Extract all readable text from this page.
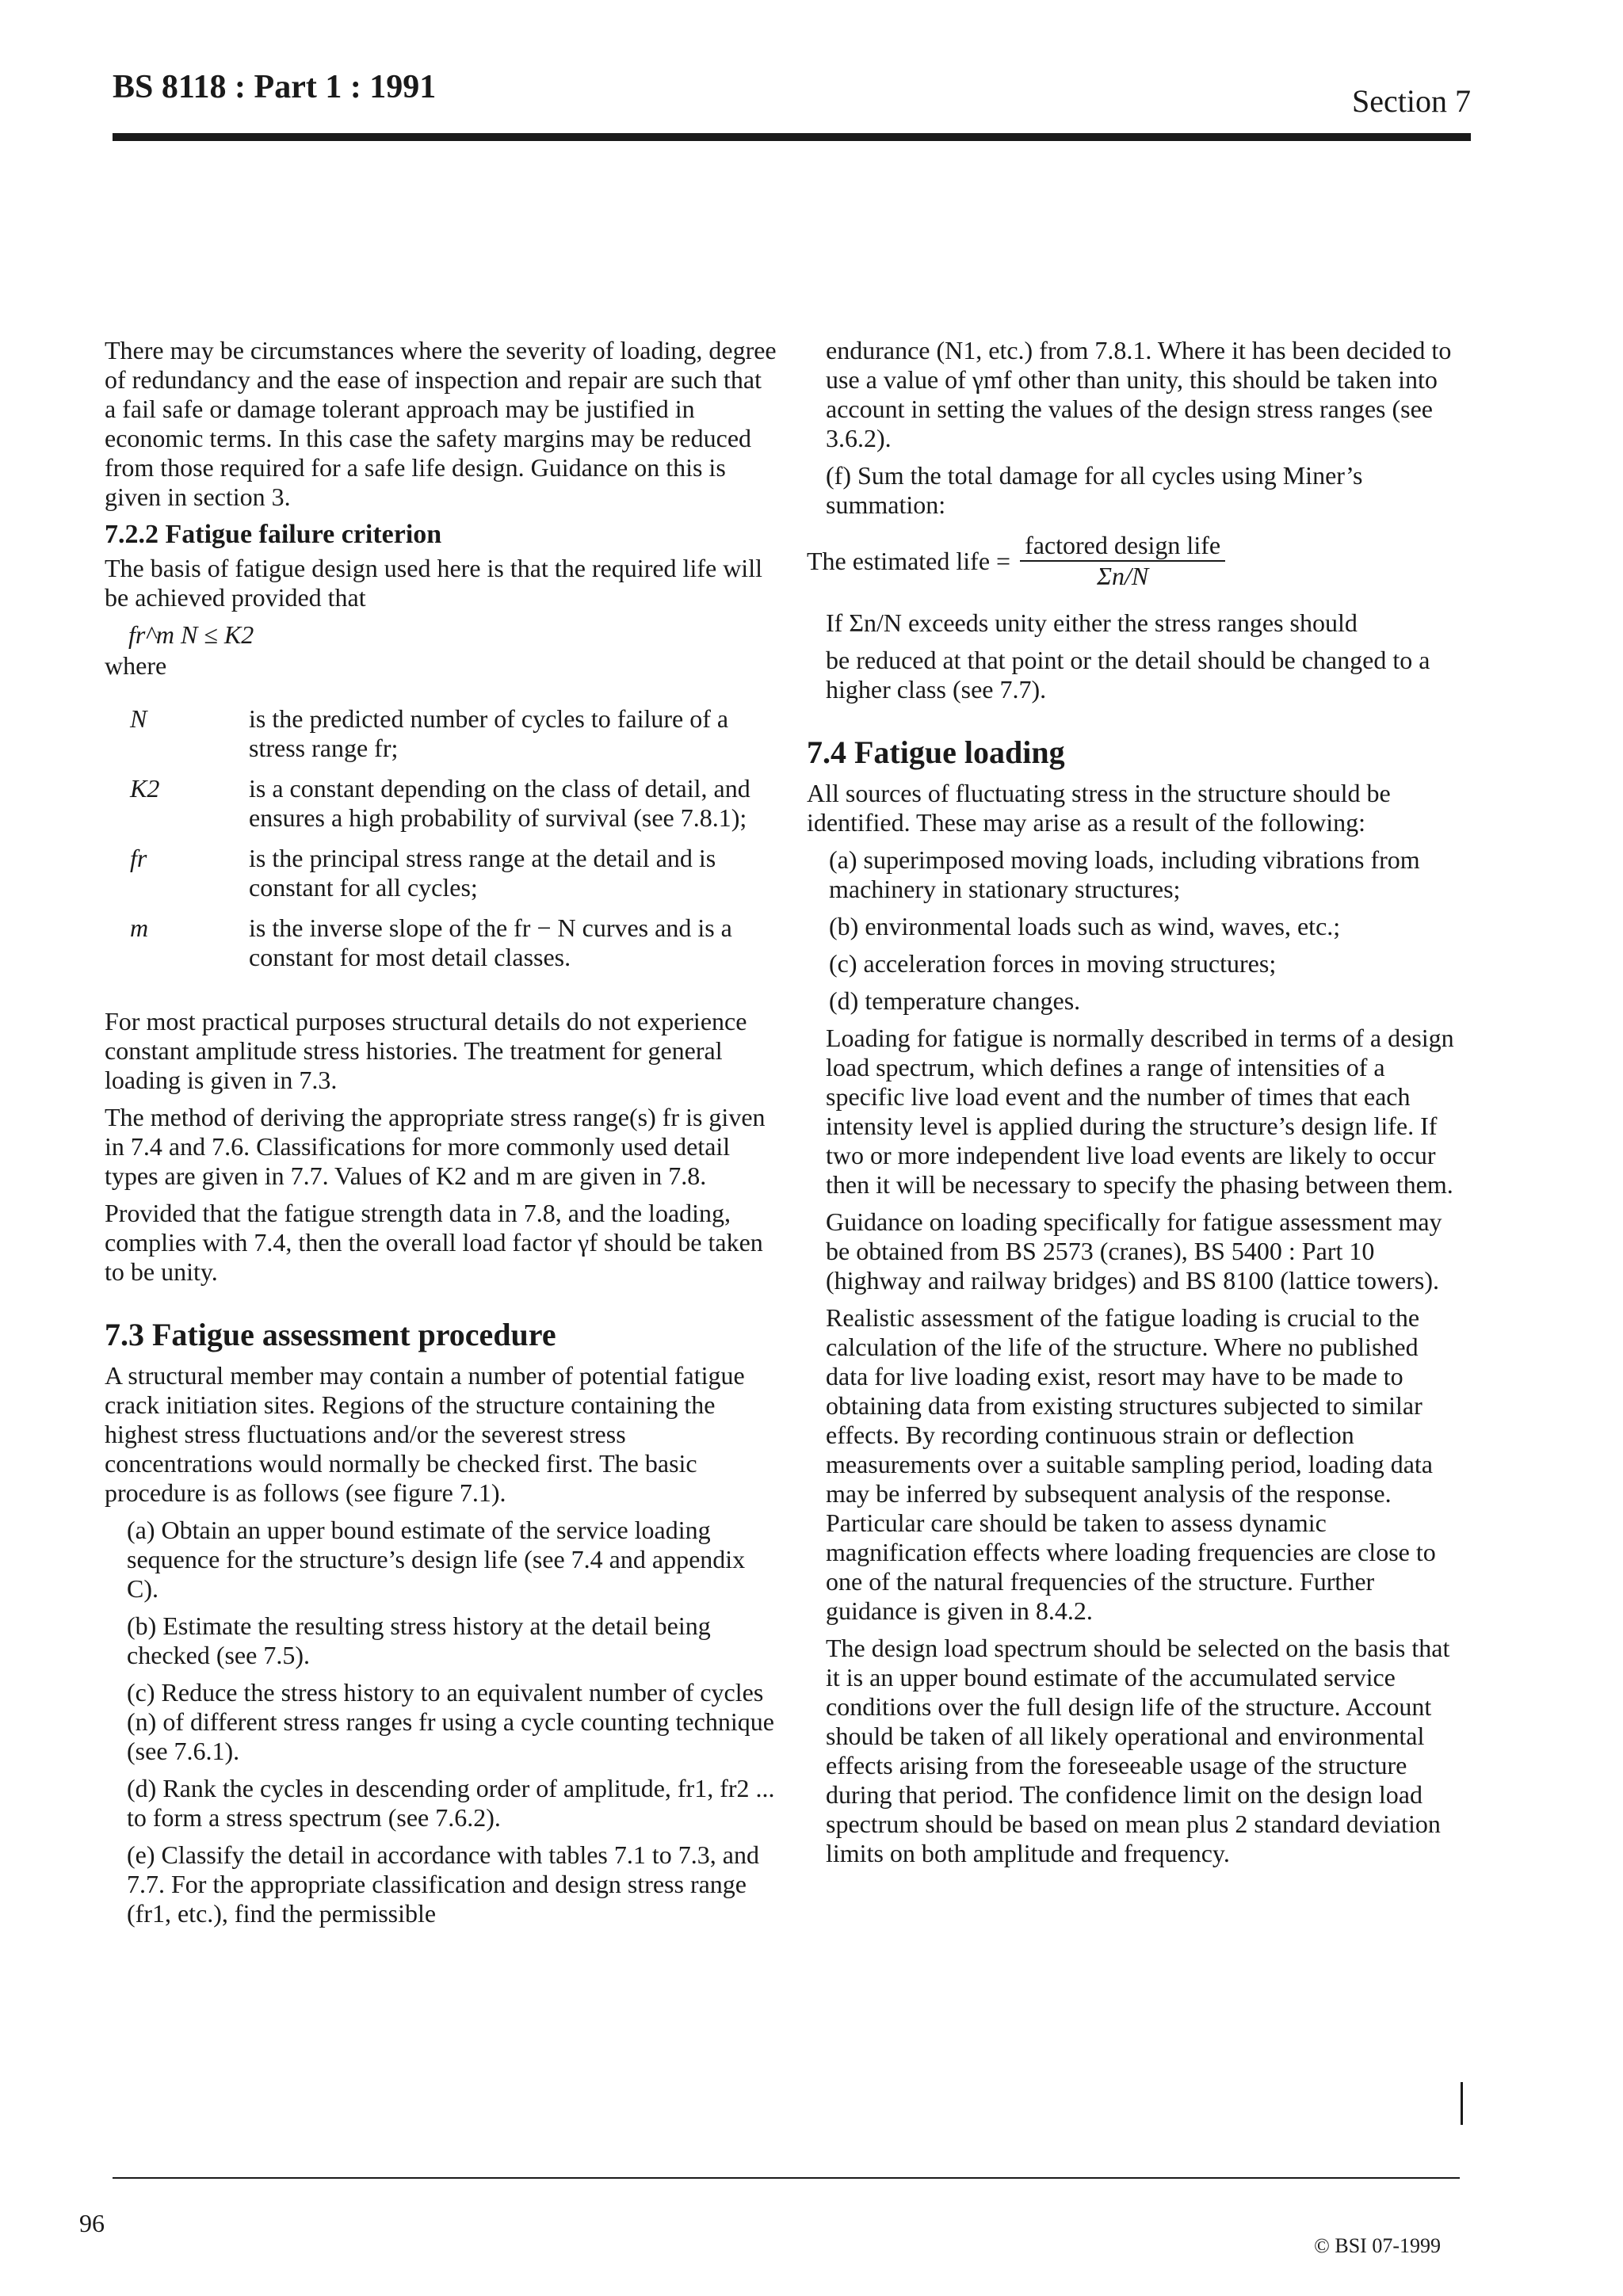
BS 8118 : Part 1 : 1991	Section 7

There may be circumstances where the severity of loading, degree of redundancy and the ease of inspection and repair are such that a fail safe or damage tolerant approach may be justified in economic terms. In this case the safety margins may be reduced from those required for a safe life design. Guidance on this is given in section 3.

7.2.2 Fatigue failure criterion

The basis of fatigue design used here is that the required life will be achieved provided that

fr^m N ≤ K2
where
N	is the predicted number of cycles to failure of a stress range fr;
K2	is a constant depending on the class of detail, and ensures a high probability of survival (see 7.8.1);
fr	is the principal stress range at the detail and is constant for all cycles;
m	is the inverse slope of the fr − N curves and is a constant for most detail classes.

For most practical purposes structural details do not experience constant amplitude stress histories. The treatment for general loading is given in 7.3.

The method of deriving the appropriate stress range(s) fr is given in 7.4 and 7.6. Classifications for more commonly used detail types are given in 7.7. Values of K2 and m are given in 7.8.

Provided that the fatigue strength data in 7.8, and the loading, complies with 7.4, then the overall load factor γf should be taken to be unity.

7.3 Fatigue assessment procedure

A structural member may contain a number of potential fatigue crack initiation sites. Regions of the structure containing the highest stress fluctuations and/or the severest stress concentrations would normally be checked first. The basic procedure is as follows (see figure 7.1).

(a) Obtain an upper bound estimate of the service loading sequence for the structure’s design life (see 7.4 and appendix C).

(b) Estimate the resulting stress history at the detail being checked (see 7.5).

(c) Reduce the stress history to an equivalent number of cycles (n) of different stress ranges fr using a cycle counting technique (see 7.6.1).

(d) Rank the cycles in descending order of amplitude, fr1, fr2 ... to form a stress spectrum (see 7.6.2).

(e) Classify the detail in accordance with tables 7.1 to 7.3, and 7.7. For the appropriate classification and design stress range (fr1, etc.), find the permissible

endurance (N1, etc.) from 7.8.1. Where it has been decided to use a value of γmf other than unity, this should be taken into account in setting the values of the design stress ranges (see 3.6.2).

(f) Sum the total damage for all cycles using Miner’s summation:

The estimated life = $\frac{\text{factored design life}}{\Sigma n/N}$

If Σn/N exceeds unity either the stress ranges should

be reduced at that point or the detail should be changed to a higher class (see 7.7).

7.4 Fatigue loading

All sources of fluctuating stress in the structure should be identified. These may arise as a result of the following:

(a) superimposed moving loads, including vibrations from machinery in stationary structures;

(b) environmental loads such as wind, waves, etc.;

(c) acceleration forces in moving structures;

(d) temperature changes.

Loading for fatigue is normally described in terms of a design load spectrum, which defines a range of intensities of a specific live load event and the number of times that each intensity level is applied during the structure’s design life. If two or more independent live load events are likely to occur then it will be necessary to specify the phasing between them.

Guidance on loading specifically for fatigue assessment may be obtained from BS 2573 (cranes), BS 5400 : Part 10 (highway and railway bridges) and BS 8100 (lattice towers).

Realistic assessment of the fatigue loading is crucial to the calculation of the life of the structure. Where no published data for live loading exist, resort may have to be made to obtaining data from existing structures subjected to similar effects. By recording continuous strain or deflection measurements over a suitable sampling period, loading data may be inferred by subsequent analysis of the response. Particular care should be taken to assess dynamic magnification effects where loading frequencies are close to one of the natural frequencies of the structure. Further guidance is given in 8.4.2.

The design load spectrum should be selected on the basis that it is an upper bound estimate of the accumulated service conditions over the full design life of the structure. Account should be taken of all likely operational and environmental effects arising from the foreseeable usage of the structure during that period. The confidence limit on the design load spectrum should be based on mean plus 2 standard deviation limits on both amplitude and frequency.

96
© BSI 07-1999
